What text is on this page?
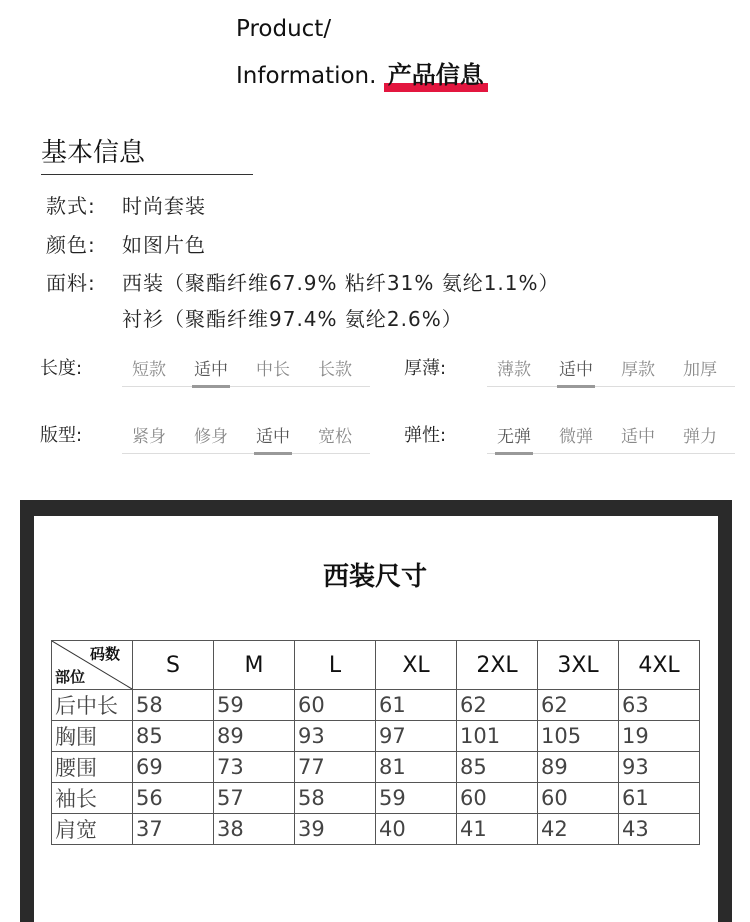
Product/
Information. 产品信息
基本信息
款式: 时尚套装
颜色: 如图片色
面料: 西装（聚酯纤维67.9% 粘纤31% 氨纶1.1%）
衬衫（聚酯纤维97.4% 氨纶2.6%）
长度:	短款	适中	中长	长款	厚薄:	薄款	适中	厚款	加厚
版型:	紧身	修身	适中	宽松	弹性:	无弹	微弹	适中	弹力
西装尺寸
码数
部位	S	M	L	XL	2XL	3XL	4XL
后中长	58	59	60	61	62	62	63
胸围	85	89	93	97	101	105	19
腰围	69	73	77	81	85	89	93
袖长	56	57	58	59	60	60	61
肩宽	37	38	39	40	41	42	43
